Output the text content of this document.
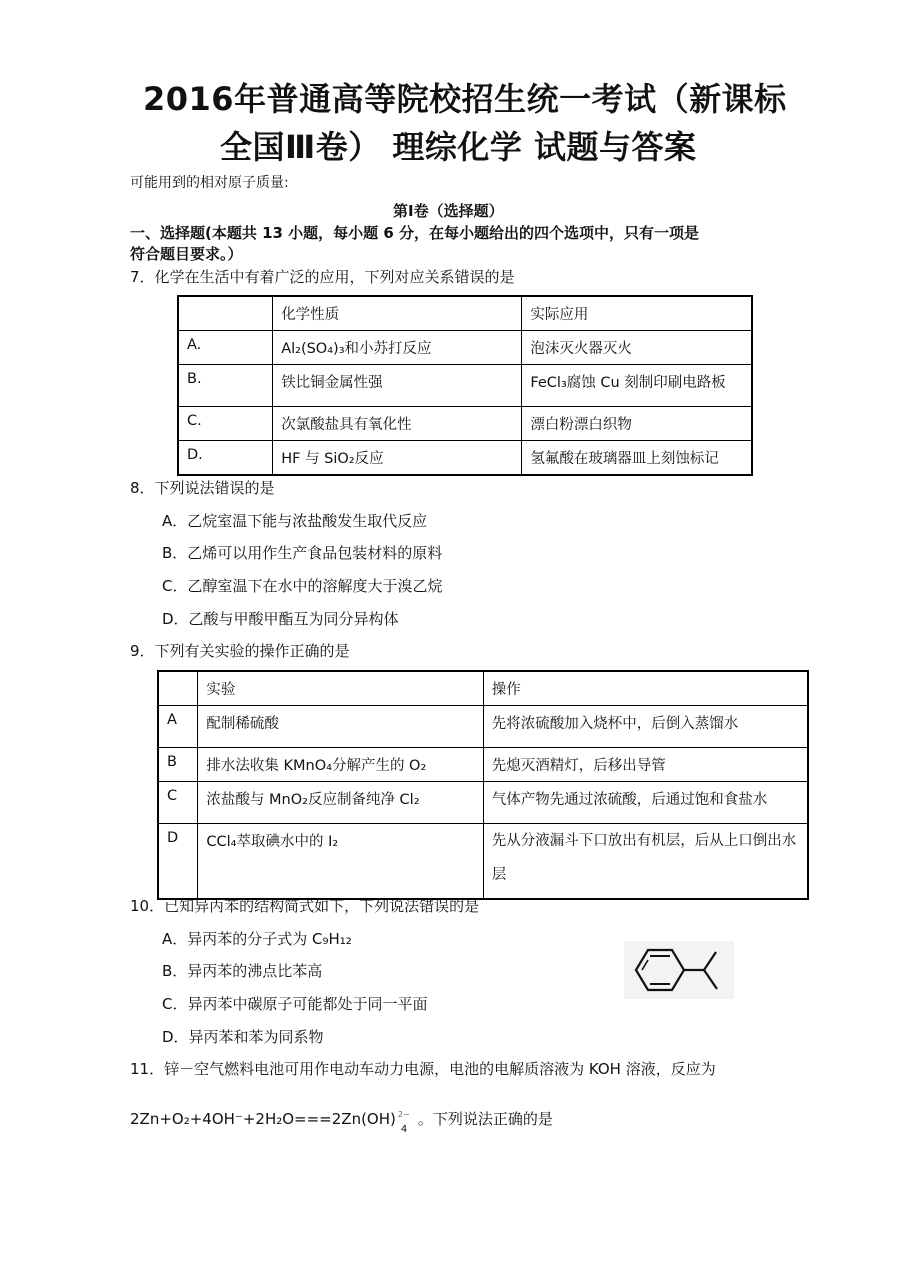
2016年普通高等院校招生统一考试（新课标
全国Ⅲ卷） 理综化学 试题与答案
可能用到的相对原子质量:
第Ⅰ卷（选择题）
一、选择题(本题共 13 小题，每小题 6 分，在每小题给出的四个选项中，只有一项是
符合题目要求。）
7．化学在生活中有着广泛的应用，下列对应关系错误的是
	化学性质	实际应用
A.	Al₂(SO₄)₃和小苏打反应	泡沫灭火器灭火
B.	铁比铜金属性强	FeCl₃腐蚀 Cu 刻制印刷电路板
C.	次氯酸盐具有氧化性	漂白粉漂白织物
D.	HF 与 SiO₂反应	氢氟酸在玻璃器皿上刻蚀标记
8．下列说法错误的是
A．乙烷室温下能与浓盐酸发生取代反应
B．乙烯可以用作生产食品包装材料的原料
C．乙醇室温下在水中的溶解度大于溴乙烷
D．乙酸与甲酸甲酯互为同分异构体
9．下列有关实验的操作正确的是
	实验	操作
A	配制稀硫酸	先将浓硫酸加入烧杯中，后倒入蒸馏水
B	排水法收集 KMnO₄分解产生的 O₂	先熄灭酒精灯，后移出导管
C	浓盐酸与 MnO₂反应制备纯净 Cl₂	气体产物先通过浓硫酸，后通过饱和食盐水
D	CCl₄萃取碘水中的 I₂	先从分液漏斗下口放出有机层，后从上口倒出水层
10．已知异丙苯的结构简式如下，下列说法错误的是
A．异丙苯的分子式为 C₉H₁₂
B．异丙苯的沸点比苯高
C．异丙苯中碳原子可能都处于同一平面
D．异丙苯和苯为同系物
11．锌－空气燃料电池可用作电动车动力电源，电池的电解质溶液为 KOH 溶液，反应为
2Zn+O₂+4OH⁻+2H₂O===2Zn(OH) 2−
4
。下列说法正确的是
